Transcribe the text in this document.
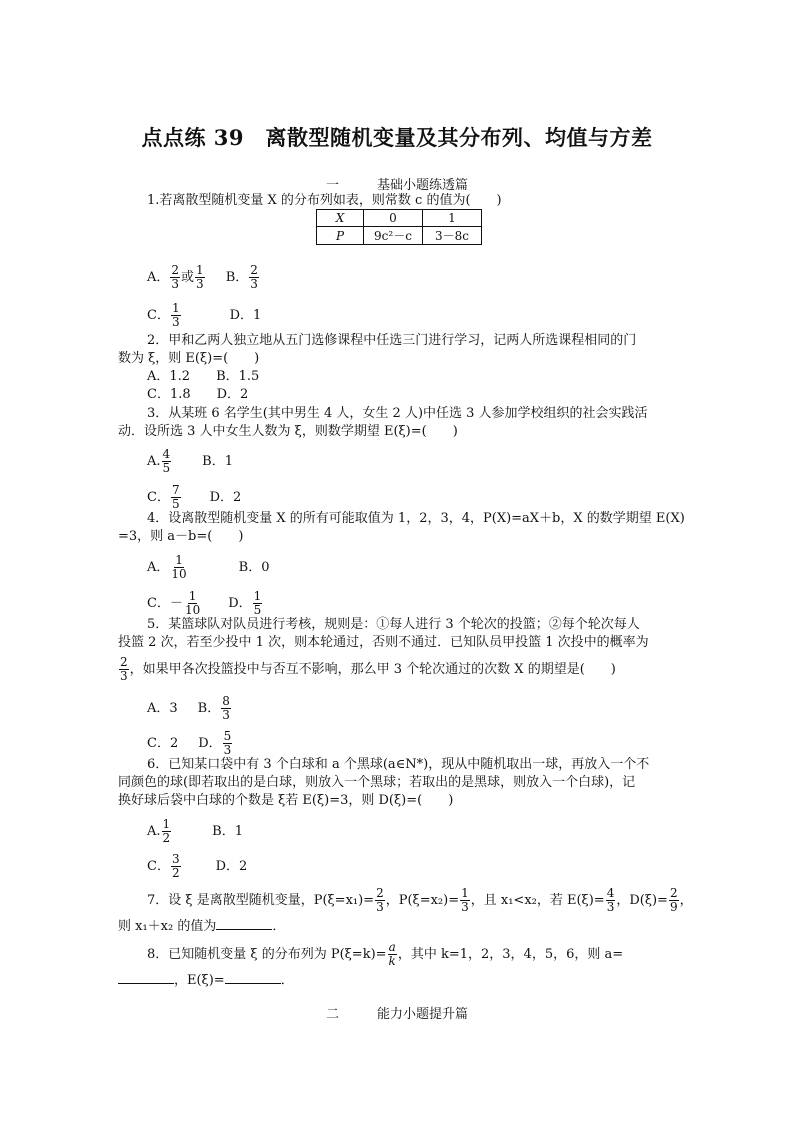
点点练 39　离散型随机变量及其分布列、均值与方差
一	基础小题练透篇
1.若离散型随机变量 X 的分布列如表，则常数 c 的值为(　　)
X	0	1
P	9c²－c	3－8c
A． $\frac{2}{3}$ 或 $\frac{1}{3}$ B． $\frac{2}{3}$
C． $\frac{1}{3}$	D．1
2．甲和乙两人独立地从五门选修课程中任选三门进行学习，记两人所选课程相同的门
数为 ξ，则 E(ξ)=(　　)
A．1.2　　B．1.5
C．1.8　　D．2
3．从某班 6 名学生(其中男生 4 人，女生 2 人)中任选 3 人参加学校组织的社会实践活
动．设所选 3 人中女生人数为 ξ，则数学期望 E(ξ)=(　　)
A. $\frac{4}{5}$ B．1
C． $\frac{7}{5}$ D．2
4．设离散型随机变量 X 的所有可能取值为 1，2，3，4，P(X)=aX＋b，X 的数学期望 E(X)
=3，则 a－b=(　　)
A． $\frac{1}{10}$	B．0
C．－ $\frac{1}{10}$ D． $\frac{1}{5}$
5．某篮球队对队员进行考核，规则是：①每人进行 3 个轮次的投篮；②每个轮次每人
投篮 2 次，若至少投中 1 次，则本轮通过，否则不通过．已知队员甲投篮 1 次投中的概率为
$\frac{2}{3}$ ，如果甲各次投篮投中与否互不影响，那么甲 3 个轮次通过的次数 X 的期望是(　　)
A．3 B． $\frac{8}{3}$
C．2 D． $\frac{5}{3}$
6．已知某口袋中有 3 个白球和 a 个黑球(a∈N*)，现从中随机取出一球，再放入一个不
同颜色的球(即若取出的是白球，则放入一个黑球；若取出的是黑球，则放入一个白球)，记
换好球后袋中白球的个数是 ξ若 E(ξ)=3，则 D(ξ)=(　　)
A. $\frac{1}{2}$	B．1
C． $\frac{3}{2}$	D．2
7．设 ξ 是离散型随机变量，$P(\xi=x_1)= \frac{2}{3}$ ，$P(\xi=x_2)= \frac{1}{3}$ ，且 x₁<x₂，若 $E(\xi)= \frac{4}{3}$ ，$D(\xi)= \frac{2}{9}$ ，
则 x₁＋x₂ 的值为	．
8．已知随机变量 ξ 的分布列为 $P(\xi=k)= \frac{a}{k}$ ，其中 k=1，2，3，4，5，6，则 a=
，E(ξ)=	．
二	能力小题提升篇
